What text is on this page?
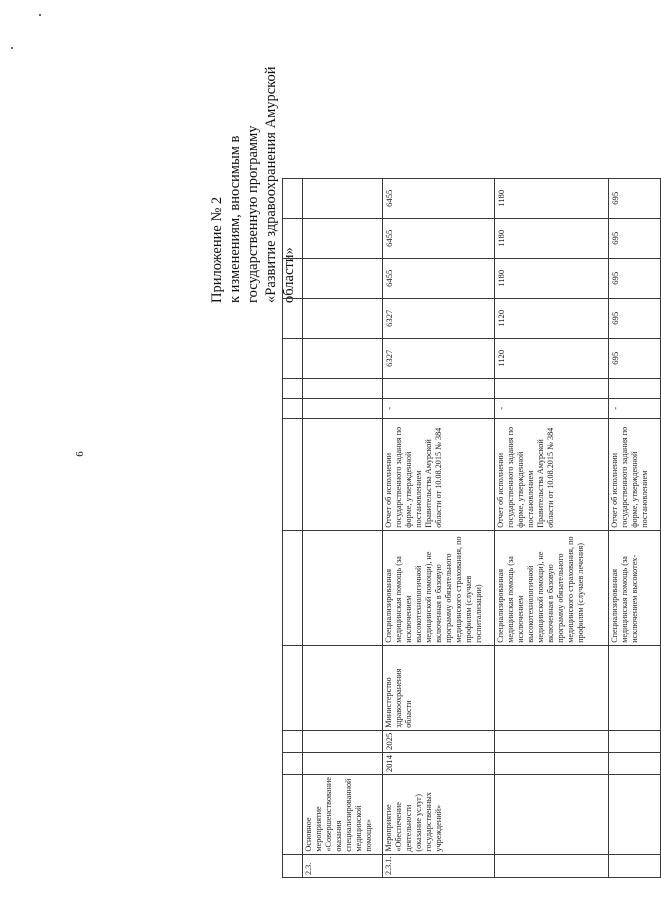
6
Приложение № 2 к изменениям, вносимым в государственную программу «Развитие здравоохранения Амурской области»

2.3.	Основное мероприятие «Совершенствование оказания специализированной медицинской помощи»												
2.3.1.	Мероприятие «Обеспечение деятельности (оказание услуг) государственных учреждений»	2014	2025	Министерство здравоохранения области	Специализированная медицинская помощь (за исключением высокотехнологичной медицинской помощи), не включенная в базовую программу обязательного медицинского страхования, по профилям (случаев госпитализации)	Отчет об исполнении государственного задания по форме, утвержденной постановлением Правительства Амурской области от 10.08.2015 № 384	-		6327	6327	6455	6455	6455
					Специализированная медицинская помощь (за исключением высокотехнологичной медицинской помощи), не включенная в базовую программу обязательного медицинского страхования, по профилям (случаев лечения)	Отчет об исполнении государственного задания по форме, утвержденной постановлением Правительства Амурской области от 10.08.2015 № 384	-		1120	1120	1180	1180	1180
					Специализированная медицинская помощь (за исключением высокотех-	Отчет об исполнении государственного задания по форме, утвержденной постановлением	-		695	695	695	695	695
